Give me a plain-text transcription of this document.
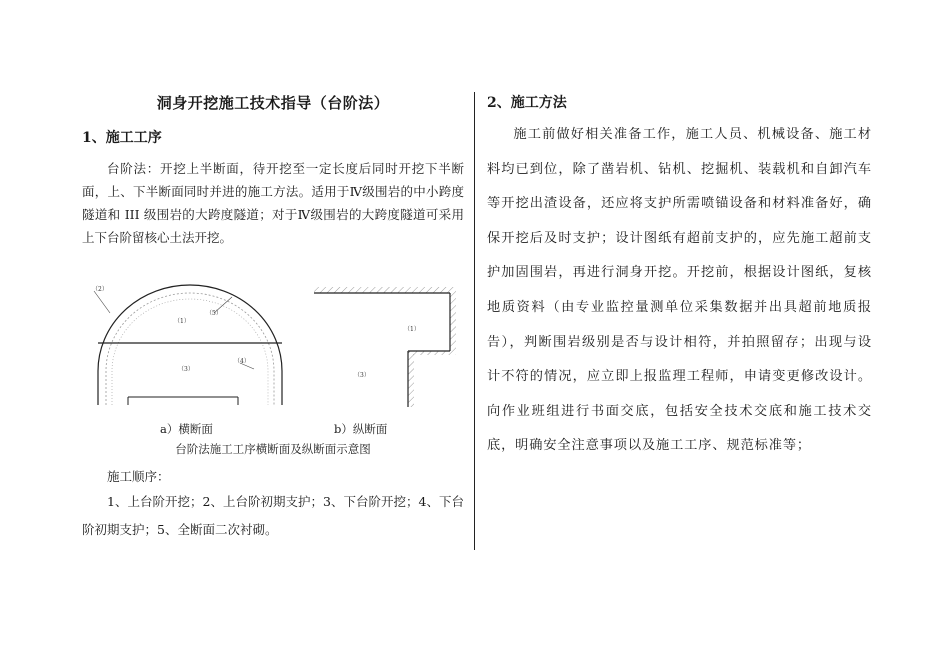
洞身开挖施工技术指导（台阶法）
1、施工工序

台阶法：开挖上半断面，待开挖至一定长度后同时开挖下半断面，上、下半断面同时并进的施工方法。适用于Ⅳ级围岩的中小跨度隧道和 III 级围岩的大跨度隧道；对于Ⅳ级围岩的大跨度隧道可采用上下台阶留核心土法开挖。

（2）
（1）
（5）
（3）
（4）
（1）
（3）
a）横断面	b）纵断面
台阶法施工工序横断面及纵断面示意图

施工顺序：

1、上台阶开挖；2、上台阶初期支护；3、下台阶开挖；4、下台阶初期支护；5、全断面二次衬砌。

2、施工方法

施工前做好相关准备工作，施工人员、机械设备、施工材料均已到位，除了凿岩机、钻机、挖掘机、装载机和自卸汽车等开挖出渣设备，还应将支护所需喷锚设备和材料准备好，确保开挖后及时支护；设计图纸有超前支护的，应先施工超前支护加固围岩，再进行洞身开挖。开挖前，根据设计图纸，复核地质资料（由专业监控量测单位采集数据并出具超前地质报告），判断围岩级别是否与设计相符，并拍照留存；出现与设计不符的情况，应立即上报监理工程师，申请变更修改设计。向作业班组进行书面交底，包括安全技术交底和施工技术交底，明确安全注意事项以及施工工序、规范标准等；
